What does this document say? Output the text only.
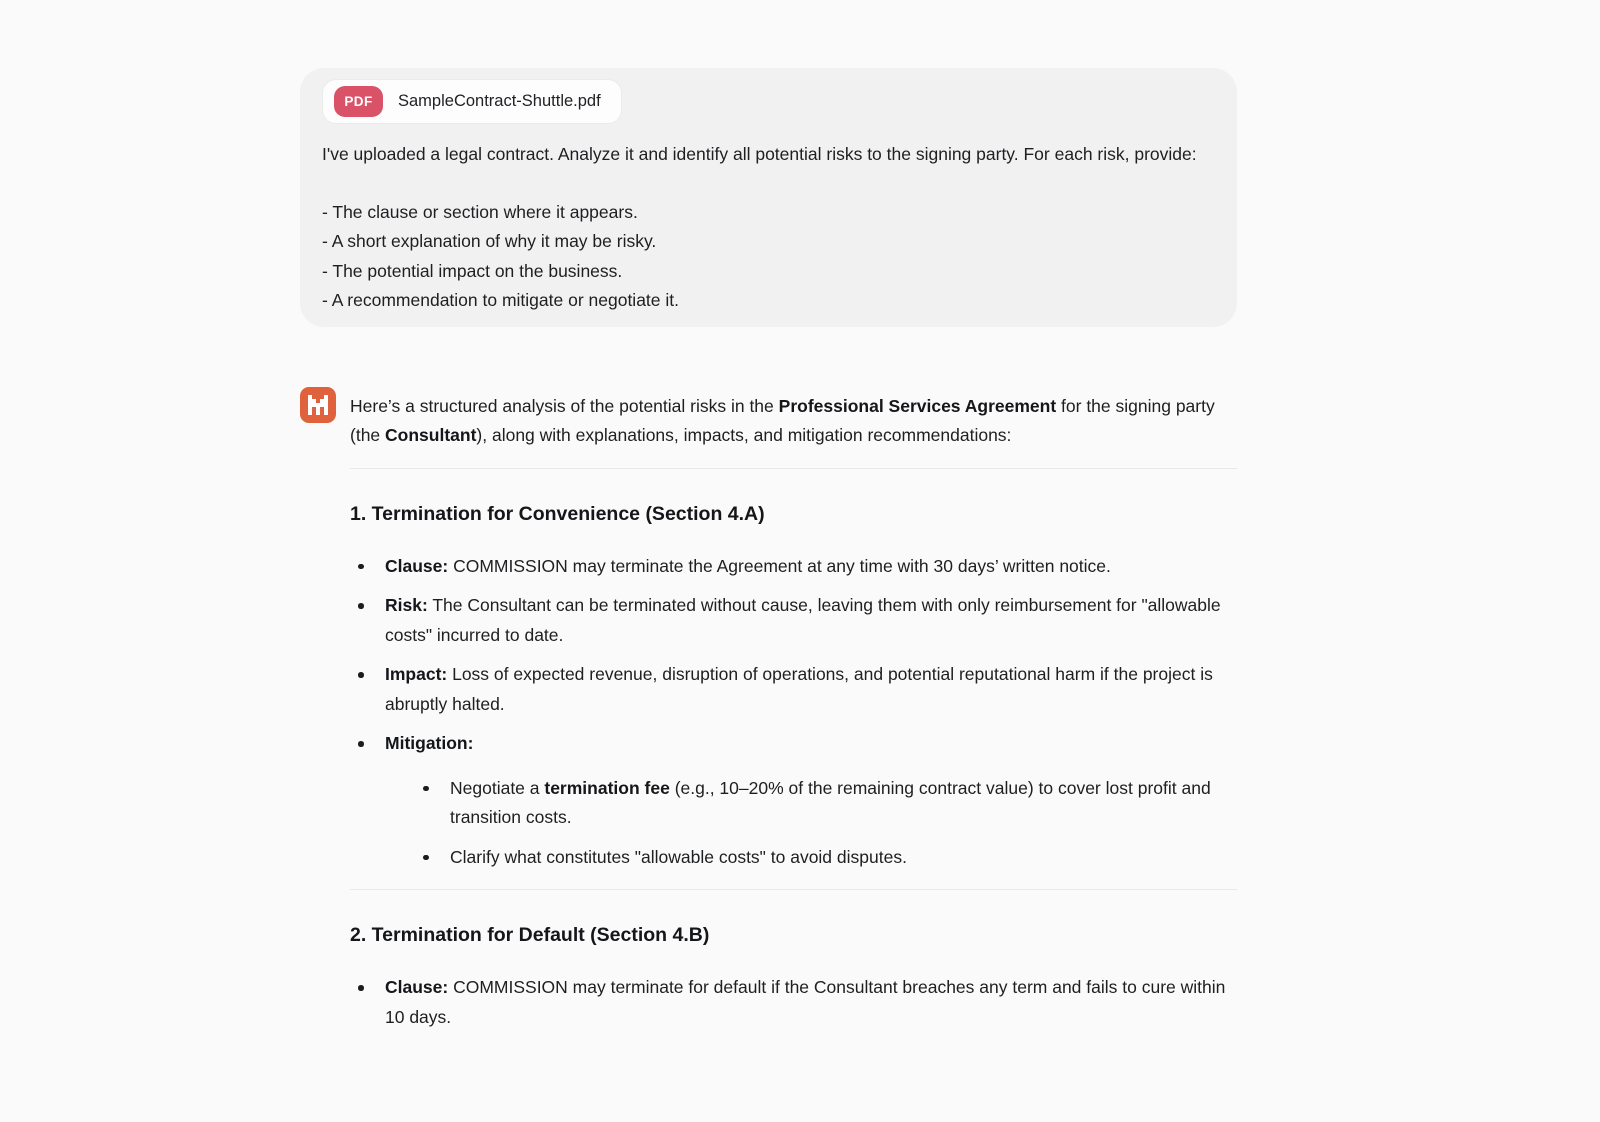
PDF	SampleContract-Shuttle.pdf

I've uploaded a legal contract. Analyze it and identify all potential risks to the signing party. For each risk, provide:

- The clause or section where it appears.
- A short explanation of why it may be risky.
- The potential impact on the business.
- A recommendation to mitigate or negotiate it.

Here’s a structured analysis of the potential risks in the Professional Services Agreement for the signing party (the Consultant), along with explanations, impacts, and mitigation recommendations:

1. Termination for Convenience (Section 4.A)
Clause: COMMISSION may terminate the Agreement at any time with 30 days’ written notice.
Risk: The Consultant can be terminated without cause, leaving them with only reimbursement for "allowable costs" incurred to date.
Impact: Loss of expected revenue, disruption of operations, and potential reputational harm if the project is abruptly halted.
Mitigation:
Negotiate a termination fee (e.g., 10–20% of the remaining contract value) to cover lost profit and transition costs.
Clarify what constitutes "allowable costs" to avoid disputes.
2. Termination for Default (Section 4.B)
Clause: COMMISSION may terminate for default if the Consultant breaches any term and fails to cure within 10 days.
